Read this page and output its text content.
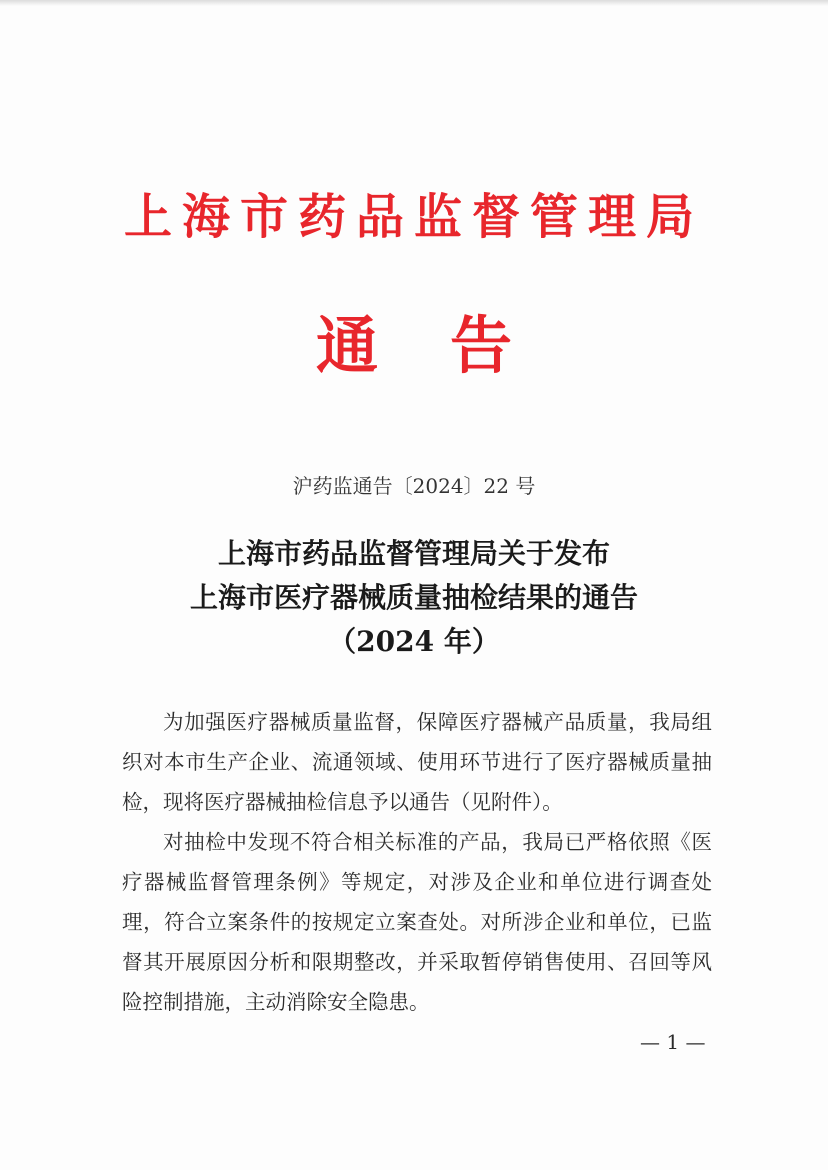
上海市药品监督管理局
通告
沪药监通告〔2024〕22 号
上海市药品监督管理局关于发布
上海市医疗器械质量抽检结果的通告
（2024 年）

为加强医疗器械质量监督，保障医疗器械产品质量，我局组织对本市生产企业、流通领域、使用环节进行了医疗器械质量抽检，现将医疗器械抽检信息予以通告（见附件）。

对抽检中发现不符合相关标准的产品，我局已严格依照《医疗器械监督管理条例》等规定，对涉及企业和单位进行调查处理，符合立案条件的按规定立案查处。对所涉企业和单位，已监督其开展原因分析和限期整改，并采取暂停销售使用、召回等风险控制措施，主动消除安全隐患。

— 1 —
